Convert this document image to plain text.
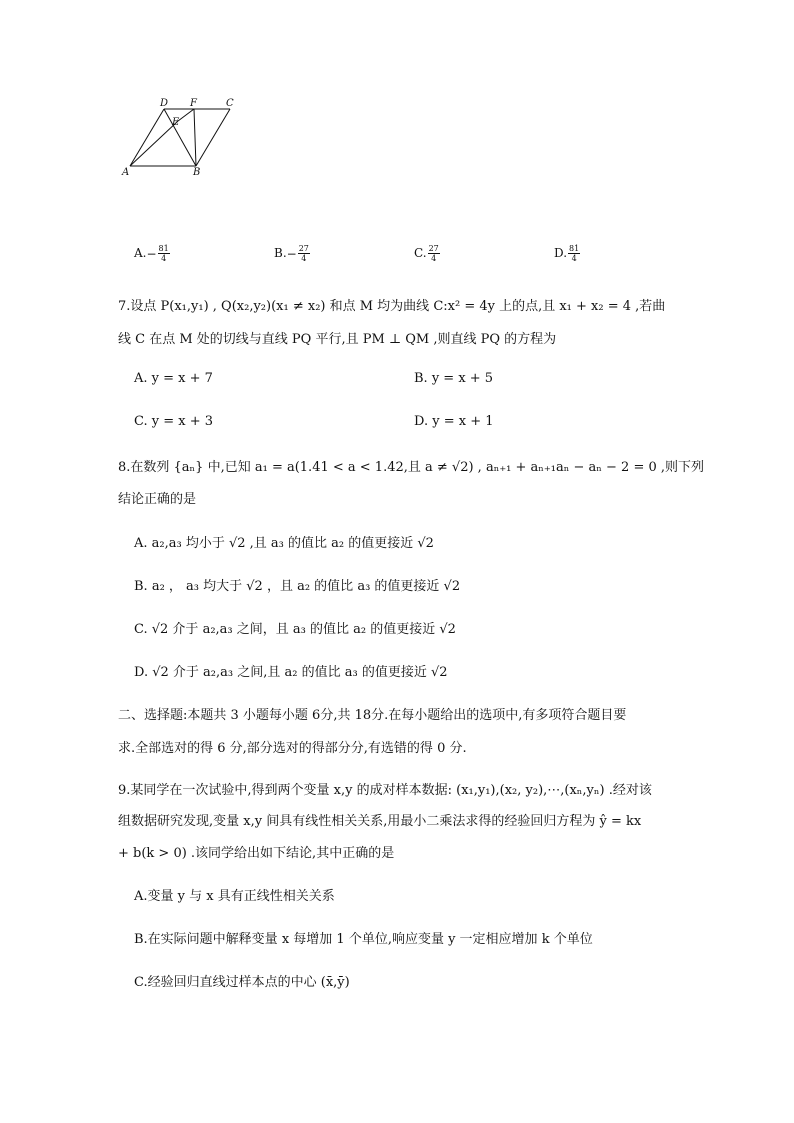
A	B
C
D
E
F
$A.- \frac{81}{4}$	$B.- \frac{27}{4}$	C. $\frac{27}{4}$	D. $\frac{81}{4}$
7.设点 P(x₁,y₁) , Q(x₂,y₂)(x₁ ≠ x₂) 和点 M 均为曲线 C:x² = 4y 上的点,且 x₁ + x₂ = 4 ,若曲
线 C 在点 M 处的切线与直线 PQ 平行,且 PM ⊥ QM ,则直线 PQ 的方程为
A. y = x + 7	B. y = x + 5
C. y = x + 3	D. y = x + 1
8.在数列 {aₙ} 中,已知 a₁ = a(1.41 < a < 1.42,且 a ≠ √2) , aₙ₊₁ + aₙ₊₁aₙ − aₙ − 2 = 0 ,则下列
结论正确的是
A. a₂,a₃ 均小于 √2 ,且 a₃ 的值比 a₂ 的值更接近 √2
B. a₂ ， a₃ 均大于 √2 ，且 a₂ 的值比 a₃ 的值更接近 √2
C. √2 介于 a₂,a₃ 之间，且 a₃ 的值比 a₂ 的值更接近 √2
D. √2 介于 a₂,a₃ 之间,且 a₂ 的值比 a₃ 的值更接近 √2
二、选择题:本题共 3 小题每小题 6分,共 18分.在每小题给出的选项中,有多项符合题目要
求.全部选对的得 6 分,部分选对的得部分分,有选错的得 0 分.
9.某同学在一次试验中,得到两个变量 x,y 的成对样本数据: (x₁,y₁),(x₂, y₂),⋯,(xₙ,yₙ) .经对该
组数据研究发现,变量 x,y 间具有线性相关关系,用最小二乘法求得的经验回归方程为 ŷ = kx
+ b(k > 0) .该同学给出如下结论,其中正确的是
A.变量 y 与 x 具有正线性相关关系
B.在实际问题中解释变量 x 每增加 1 个单位,响应变量 y 一定相应增加 k 个单位
C.经验回归直线过样本点的中心 (x̄,ȳ)
